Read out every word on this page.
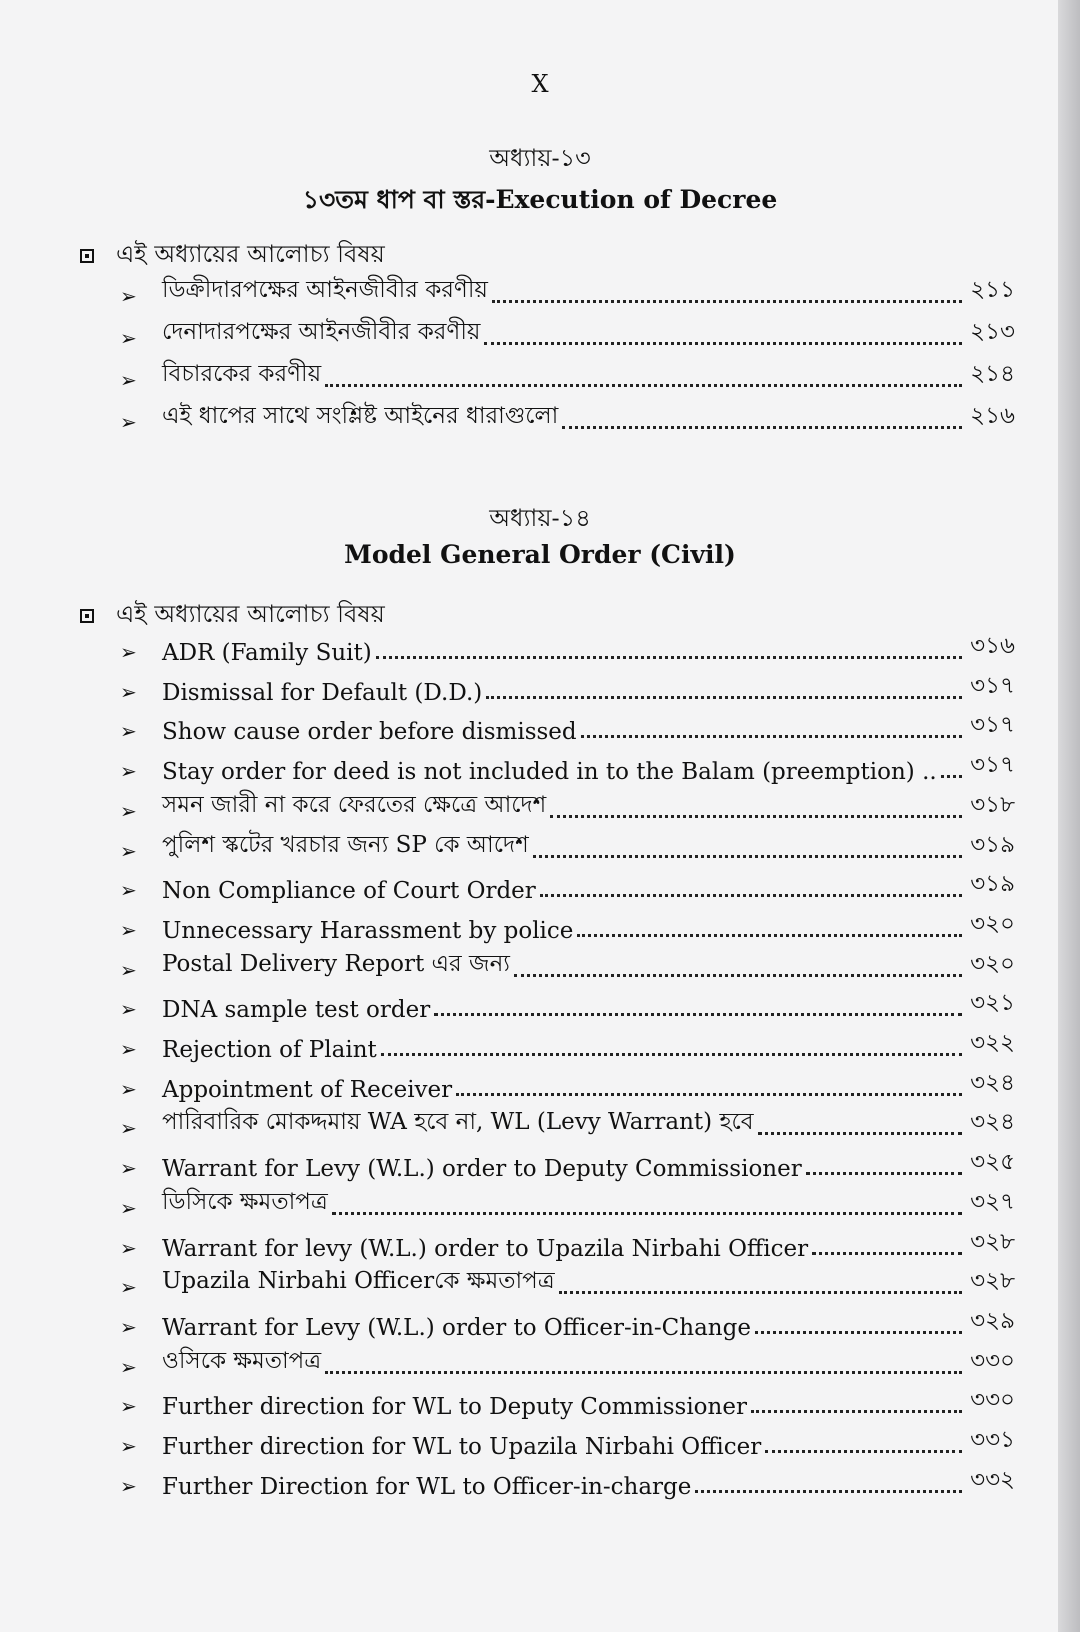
X
অধ্যায়-১৩
১৩তম ধাপ বা স্তর-Execution of Decree
এই অধ্যায়ের আলোচ্য বিষয়
➢	ডিক্রীদারপক্ষের আইনজীবীর করণীয়	২১১
➢	দেনাদারপক্ষের আইনজীবীর করণীয়	২১৩
➢	বিচারকের করণীয়	২১৪
➢	এই ধাপের সাথে সংশ্লিষ্ট আইনের ধারাগুলো	২১৬
অধ্যায়-১৪
Model General Order (Civil)
এই অধ্যায়ের আলোচ্য বিষয়
➢	ADR (Family Suit)	৩১৬
➢	Dismissal for Default (D.D.)	৩১৭
➢	Show cause order before dismissed	৩১৭
➢	Stay order for deed is not included in to the Balam (preemption) .. ৩১৭
➢	সমন জারী না করে ফেরতের ক্ষেত্রে আদেশ	৩১৮
➢	পুলিশ স্কটের খরচার জন্য SP কে আদেশ	৩১৯
➢	Non Compliance of Court Order	৩১৯
➢	Unnecessary Harassment by police	৩২০
➢	Postal Delivery Report এর জন্য	৩২০
➢	DNA sample test order	৩২১
➢	Rejection of Plaint	৩২২
➢	Appointment of Receiver	৩২৪
➢	পারিবারিক মোকদ্দমায় WA হবে না, WL (Levy Warrant) হবে	৩২৪
➢	Warrant for Levy (W.L.) order to Deputy Commissioner	৩২৫
➢	ডিসিকে ক্ষমতাপত্র	৩২৭
➢	Warrant for levy (W.L.) order to Upazila Nirbahi Officer	৩২৮
➢	Upazila Nirbahi Officerকে ক্ষমতাপত্র	৩২৮
➢	Warrant for Levy (W.L.) order to Officer-in-Change	৩২৯
➢	ওসিকে ক্ষমতাপত্র	৩৩০
➢	Further direction for WL to Deputy Commissioner	৩৩০
➢	Further direction for WL to Upazila Nirbahi Officer	৩৩১
➢	Further Direction for WL to Officer-in-charge	৩৩২
